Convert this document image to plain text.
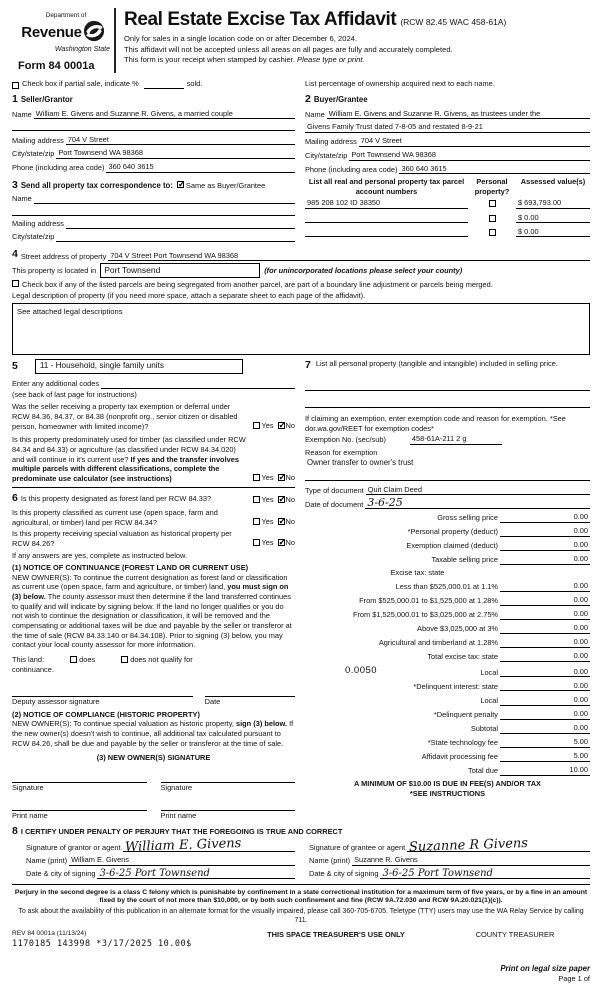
Department of
Revenue
Washington State
Form 84 0001a
Real Estate Excise Tax Affidavit (RCW 82.45 WAC 458-61A)
Only for sales in a single location code on or after December 6, 2024.
This affidavit will not be accepted unless all areas on all pages are fully and accurately completed.
This form is your receipt when stamped by cashier. Please type or print.
Check box if partial sale, indicate %	sold.	List percentage of ownership acquired next to each name.
1 Seller/Grantor
Name William E. Givens and Suzanne R. Givens, a married couple
Mailing address 704 V Street
City/state/zip Port Townsend WA 98368
Phone (including area code) 360 640 3615
3 Send all property tax correspondence to: ✓ Same as Buyer/Grantee
Name
Mailing address
City/state/zip
2 Buyer/Grantee
Name William E. Givens and Suzanne R. Givens, as trustees under the
Givens Family Trust dated 7-8-05 and restated 8-9-21
Mailing address 704 V Street
City/state/zip Port Townsend WA 98368
Phone (including area code) 360 640 3615
List all real and personal property tax parcel account numbers
Personal property?
Assessed value(s)
985 208 102 ID 38350	$ 693,793.00
$ 0.00
$ 0.00
4 Street address of property 704 V Street Port Townsend WA 98368
This property is located in Port Townsend	(for unincorporated locations please select your county)
Check box if any of the listed parcels are being segregated from another parcel, are part of a boundary line adjustment or parcels being merged.
Legal description of property (if you need more space, attach a separate sheet to each page of the affidavit).
See attached legal descriptions
5	11 - Household, single family units
Enter any additional codes
(see back of last page for instructions)
Was the seller receiving a property tax exemption or deferral under RCW 84.36, 84.37, or 84.38 (nonprofit org., senior citizen or disabled person, homeowner with limited income)?	Yes ✓ No
Is this property predominately used for timber (as classified under RCW 84.34 and 84.33) or agriculture (as classified under RCW 84.34.020) and will continue in it's current use? If yes and the transfer involves multiple parcels with different classifications, complete the predominate use calculator (see instructions)	Yes ✓ No
6 Is this property designated as forest land per RCW 84.33?	Yes ✓ No
Is this property classified as current use (open space, farm and agricultural, or timber) land per RCW 84.34?	Yes ✓ No
Is this property receiving special valuation as historical property per RCW 84.26?	Yes ✓ No
If any answers are yes, complete as instructed below.
(1) NOTICE OF CONTINUANCE (FOREST LAND OR CURRENT USE)
NEW OWNER(S): To continue the current designation as forest land or classification as current use (open space, farm and agriculture, or timber) land, you must sign on (3) below. The county assessor must then determine if the land transferred continues to qualify and will indicate by signing below. If the land no longer qualifies or you do not wish to continue the designation or classification, it will be removed and the compensating or additional taxes will be due and payable by the seller or transferor at the time of sale (RCW 84.33.140 or 84.34.108). Prior to signing (3) below, you may contact your local county assessor for more information.
This land:	does	does not qualify for
continuance.
Deputy assessor signature	Date
(2) NOTICE OF COMPLIANCE (HISTORIC PROPERTY)
NEW OWNER(S): To continue special valuation as historic property, sign (3) below. If the new owner(s) doesn't wish to continue, all additional tax calculated pursuant to RCW 84.26, shall be due and payable by the seller or transferor at the time of sale.
(3) NEW OWNER(S) SIGNATURE
Signature	Signature
Print name	Print name
7 List all personal property (tangible and intangible) included in selling price.
If claiming an exemption, enter exemption code and reason for exemption. *See dor.wa.gov/REET for exemption codes*
Exemption No. (sec/sub)	458-61A-211 2 g
Reason for exemption
Owner transfer to owner's trust
Type of document Quit Claim Deed
Date of document 3-6-25
Gross selling price	0.00
*Personal property (deduct)	0.00
Exemption claimed (deduct)	0.00
Taxable selling price	0.00
Excise tax: state
Less than $525,000.01 at 1.1%	0.00
From $525,000.01 to $1,525,000 at 1.28%	0.00
From $1,525,000.01 to $3,025,000 at 2.75%	0.00
Above $3,025,000 at 3%	0.00
Agricultural and timberland at 1.28%	0.00
Total excise tax: state	0.00
0.0050	Local	0.00
*Delinquent interest: state	0.00
Local	0.00
*Delinquent penalty	0.00
Subtotal	0.00
*State technology fee	5.00
Affidavit processing fee	5.00
Total due	10.00
A MINIMUM OF $10.00 IS DUE IN FEE(S) AND/OR TAX
*SEE INSTRUCTIONS
8 I CERTIFY UNDER PENALTY OF PERJURY THAT THE FOREGOING IS TRUE AND CORRECT
Signature of grantor or agent William E. Givens
Name (print) William E. Givens
Date & city of signing 3-6-25 Port Townsend
Signature of grantee or agent Suzanne R Givens
Name (print) Suzanne R. Givens
Date & city of signing 3-6-25 Port Townsend
Perjury in the second degree is a class C felony which is punishable by confinement in a state correctional institution for a maximum term of five years, or by a fine in an amount fixed by the court of not more than $10,000, or by both such confinement and fine (RCW 9A.72.030 and RCW 9A.20.021(1)(c)).
To ask about the availability of this publication in an alternate format for the visually impaired, please call 360-705-6705. Teletype (TTY) users may use the WA Relay Service by calling 711.
REV 84 0001a (11/13/24)
1170185 143998 *3/17/2025 10.00$
THIS SPACE TREASURER'S USE ONLY	COUNTY TREASURER
Print on legal size paper
Page 1 of
